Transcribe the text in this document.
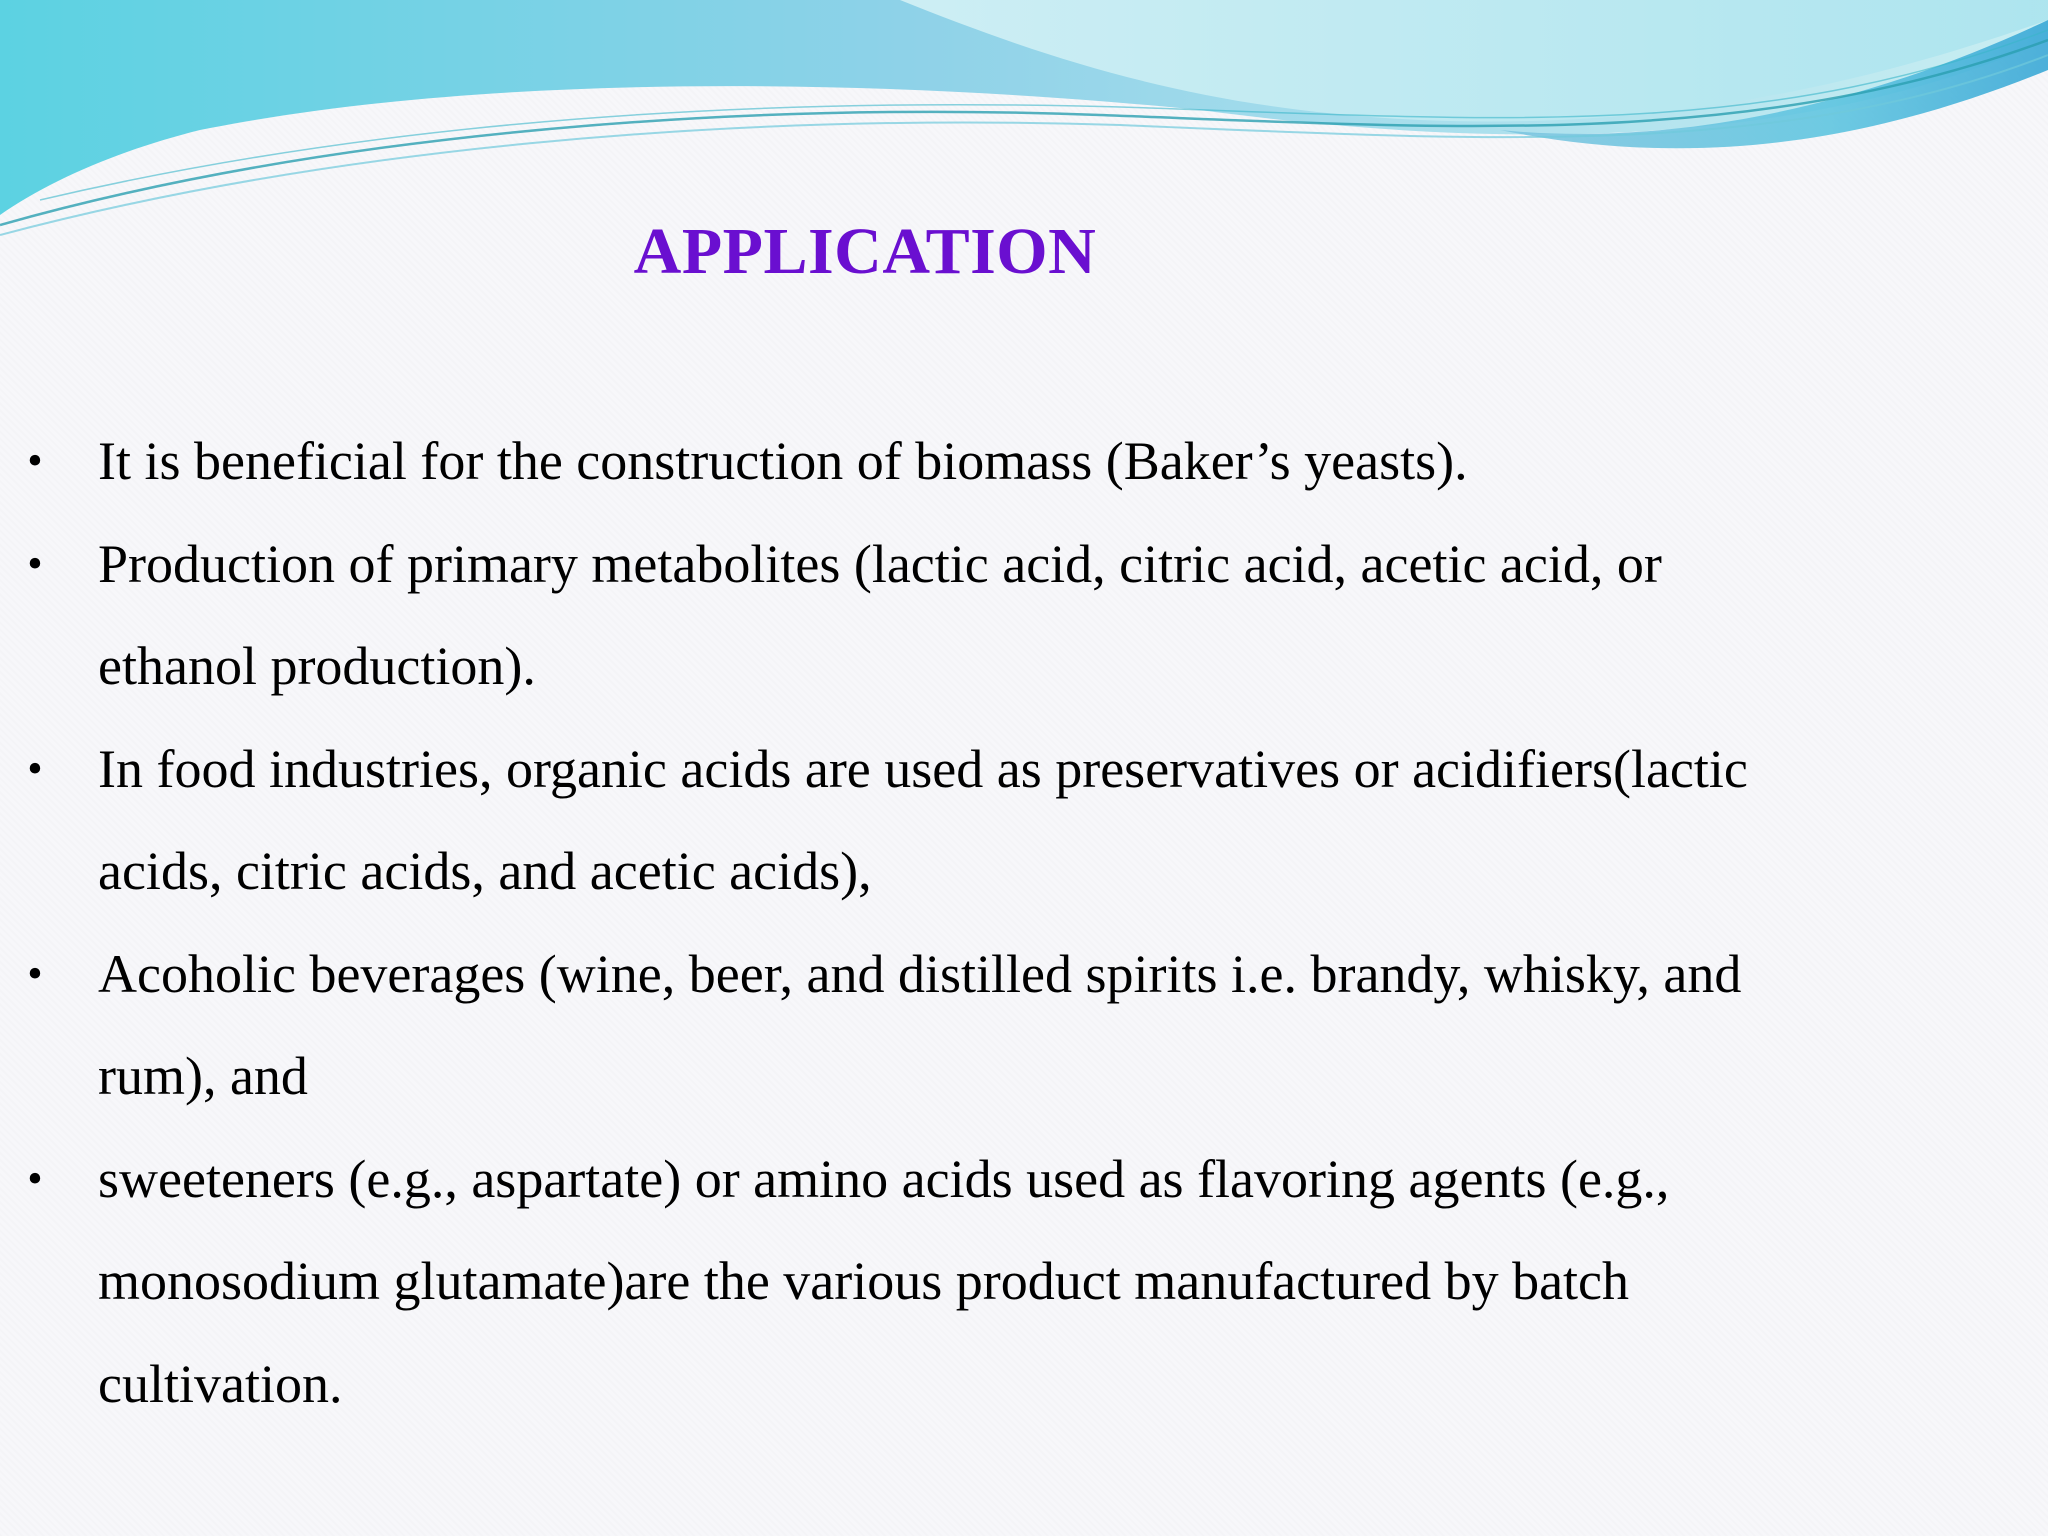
APPLICATION
• It is beneficial for the construction of biomass (Baker’s yeasts).
• Production of primary metabolites (lactic acid, citric acid, acetic acid, or
ethanol production).
• In food industries, organic acids are used as preservatives or acidifiers(lactic
acids, citric acids, and acetic acids),
• Acoholic beverages (wine, beer, and distilled spirits i.e. brandy, whisky, and
rum), and
• sweeteners (e.g., aspartate) or amino acids used as flavoring agents (e.g.,
monosodium glutamate)are the various product manufactured by batch
cultivation.
